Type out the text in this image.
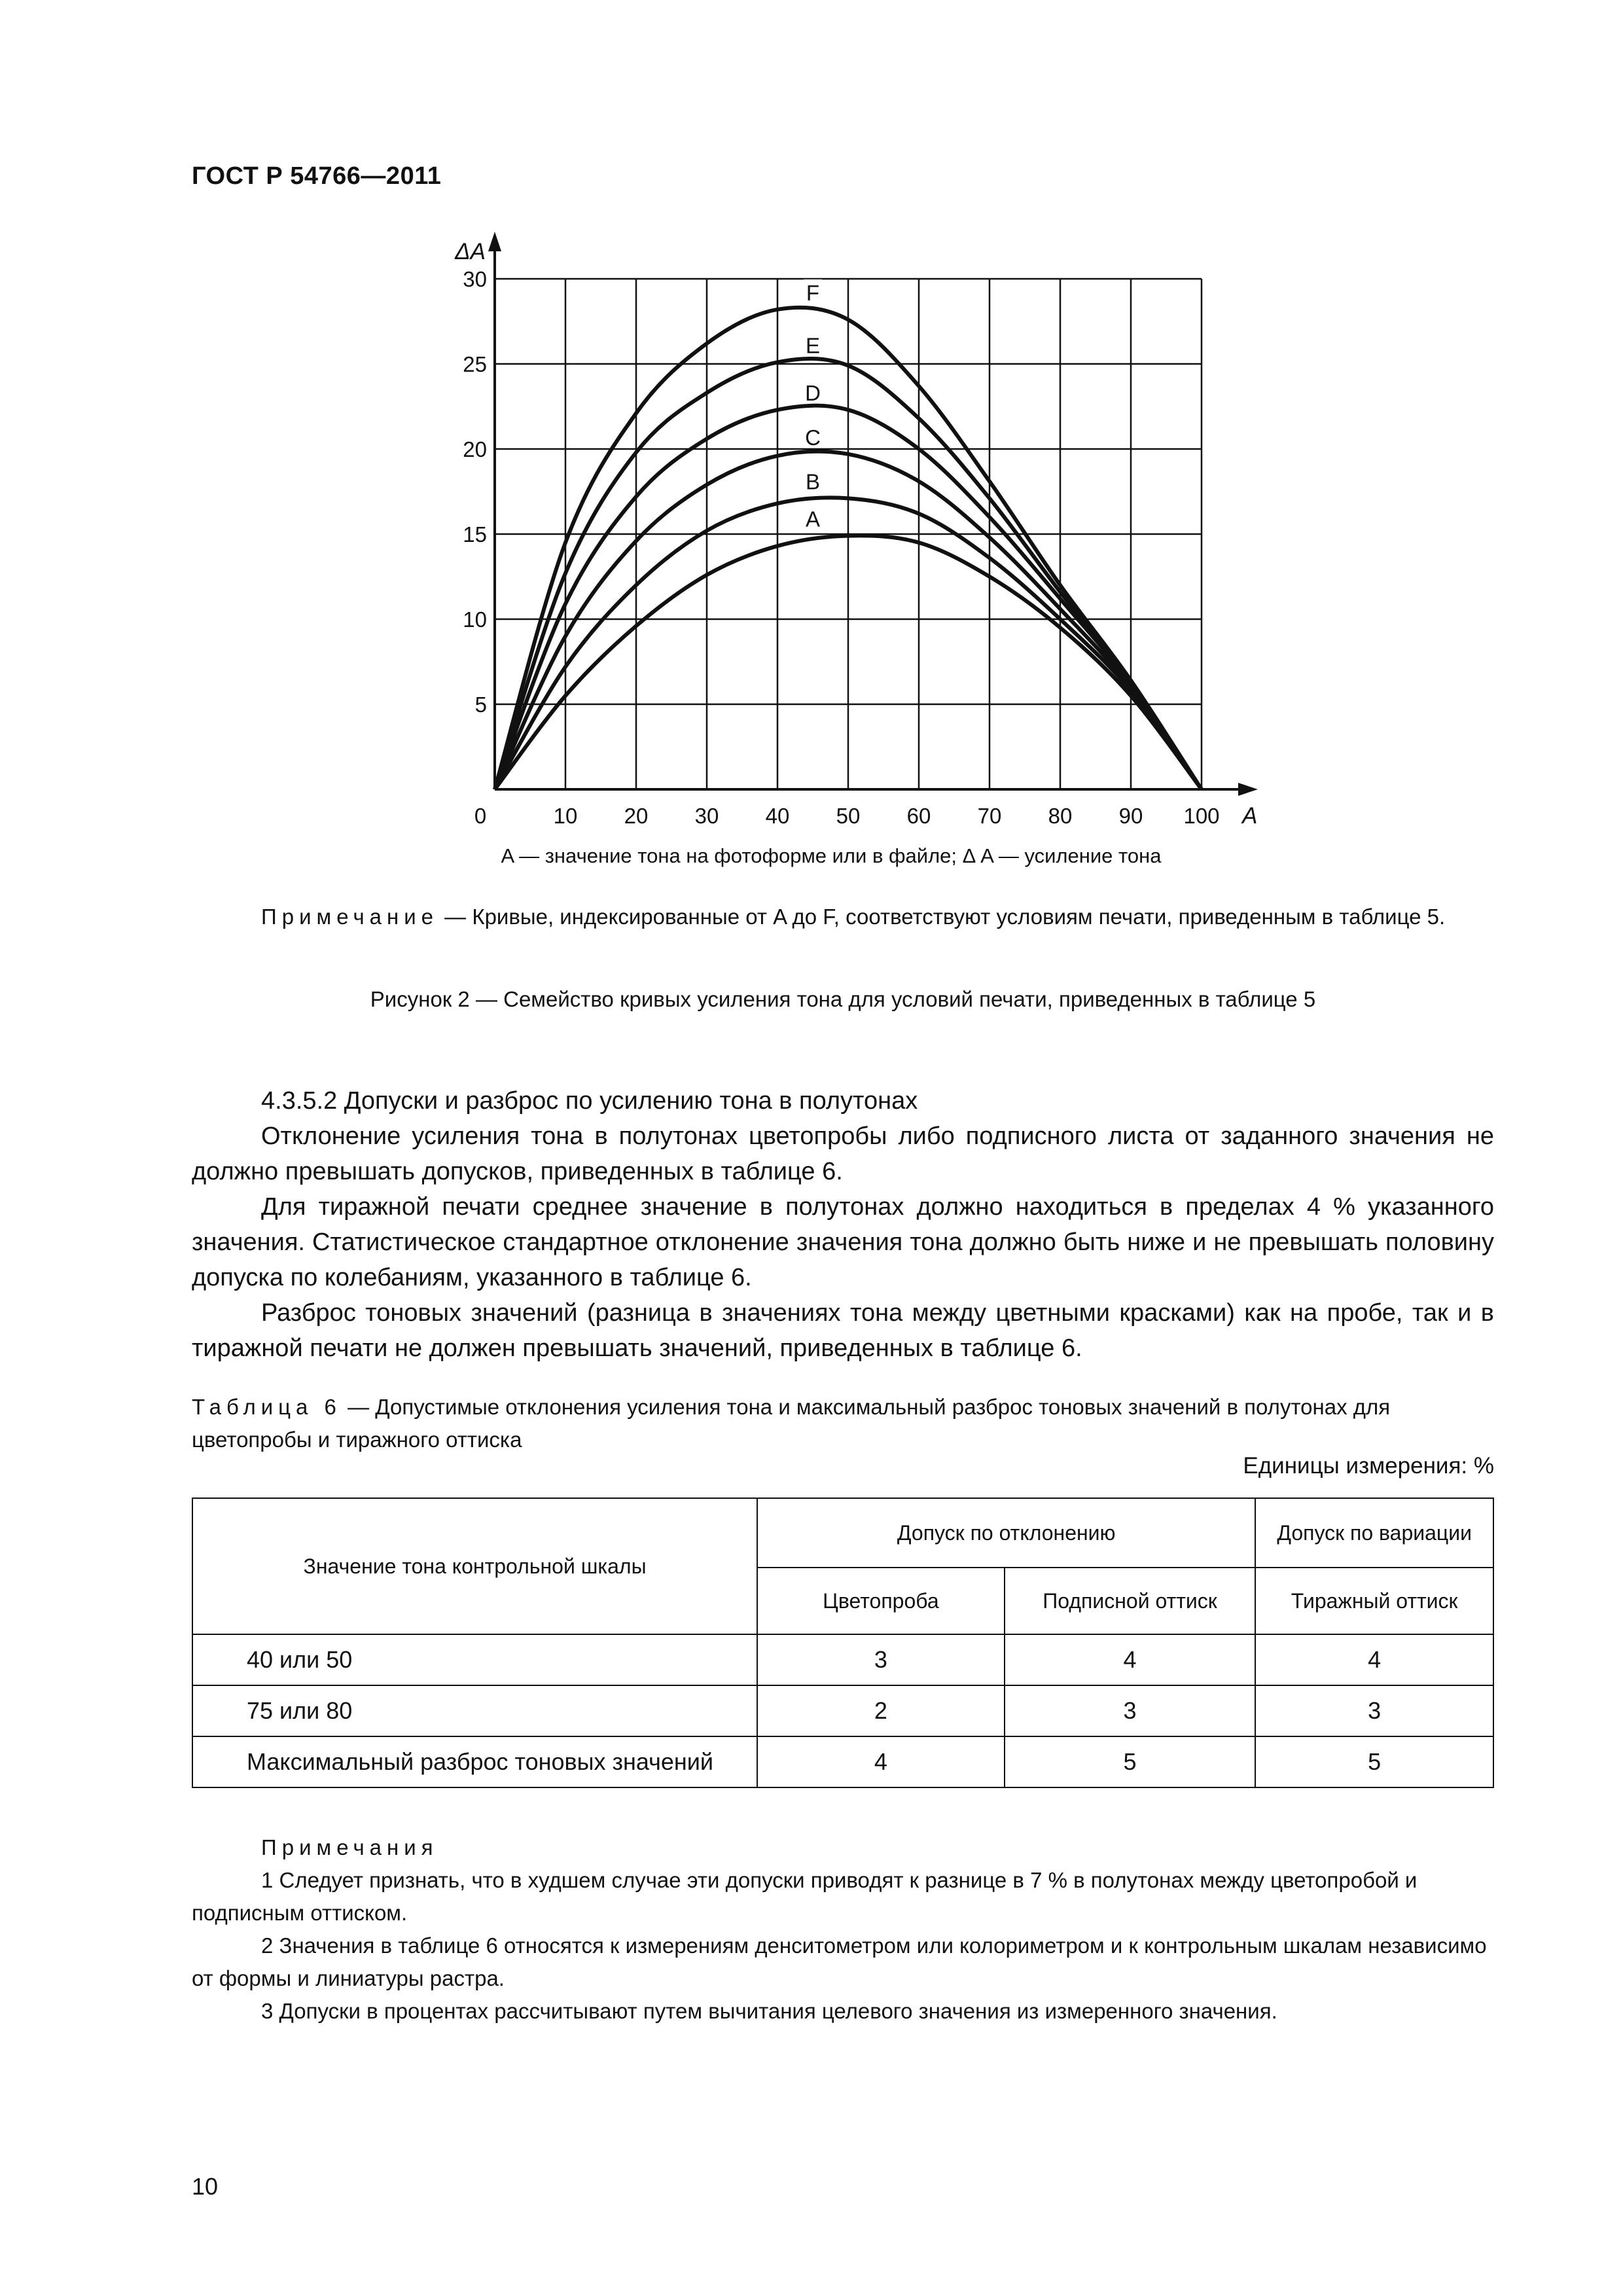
ГОСТ Р 54766—2011
0	10 20 30 40 50 60 70 80 90 100
5
10
15
20
25
30
A
ΔA
A
B
C
D
E
F
A — значение тона на фотоформе или в файле; Δ A — усиление тона
Примечание — Кривые, индексированные от A до F, соответствуют условиям печати, приведенным в таблице 5.
Рисунок 2 — Семейство кривых усиления тона для условий печати, приведенных в таблице 5

4.3.5.2 Допуски и разброс по усилению тона в полутонах

Отклонение усиления тона в полутонах цветопробы либо подписного листа от заданного значения не должно превышать допусков, приведенных в таблице 6.

Для тиражной печати среднее значение в полутонах должно находиться в пределах 4 % указанного значения. Статистическое стандартное отклонение значения тона должно быть ниже и не превышать половину допуска по колебаниям, указанного в таблице 6.

Разброс тоновых значений (разница в значениях тона между цветными красками) как на пробе, так и в тиражной печати не должен превышать значений, приведенных в таблице 6.

Таблица 6 — Допустимые отклонения усиления тона и максимальный разброс тоновых значений в полутонах для цветопробы и тиражного оттиска
Единицы измерения: %
Значение тона контрольной шкалы	Допуск по отклонению		Допуск по вариации
	Цветопроба	Подписной оттиск	Тиражный оттиск
40 или 50	3	4	4
75 или 80	2	3	3
Максимальный разброс тоновых значений	4	5	5

Примечания

1 Следует признать, что в худшем случае эти допуски приводят к разнице в 7 % в полутонах между цветопробой и подписным оттиском.

2 Значения в таблице 6 относятся к измерениям денситометром или колориметром и к контрольным шкалам независимо от формы и линиатуры растра.

3 Допуски в процентах рассчитывают путем вычитания целевого значения из измеренного значения.

10
